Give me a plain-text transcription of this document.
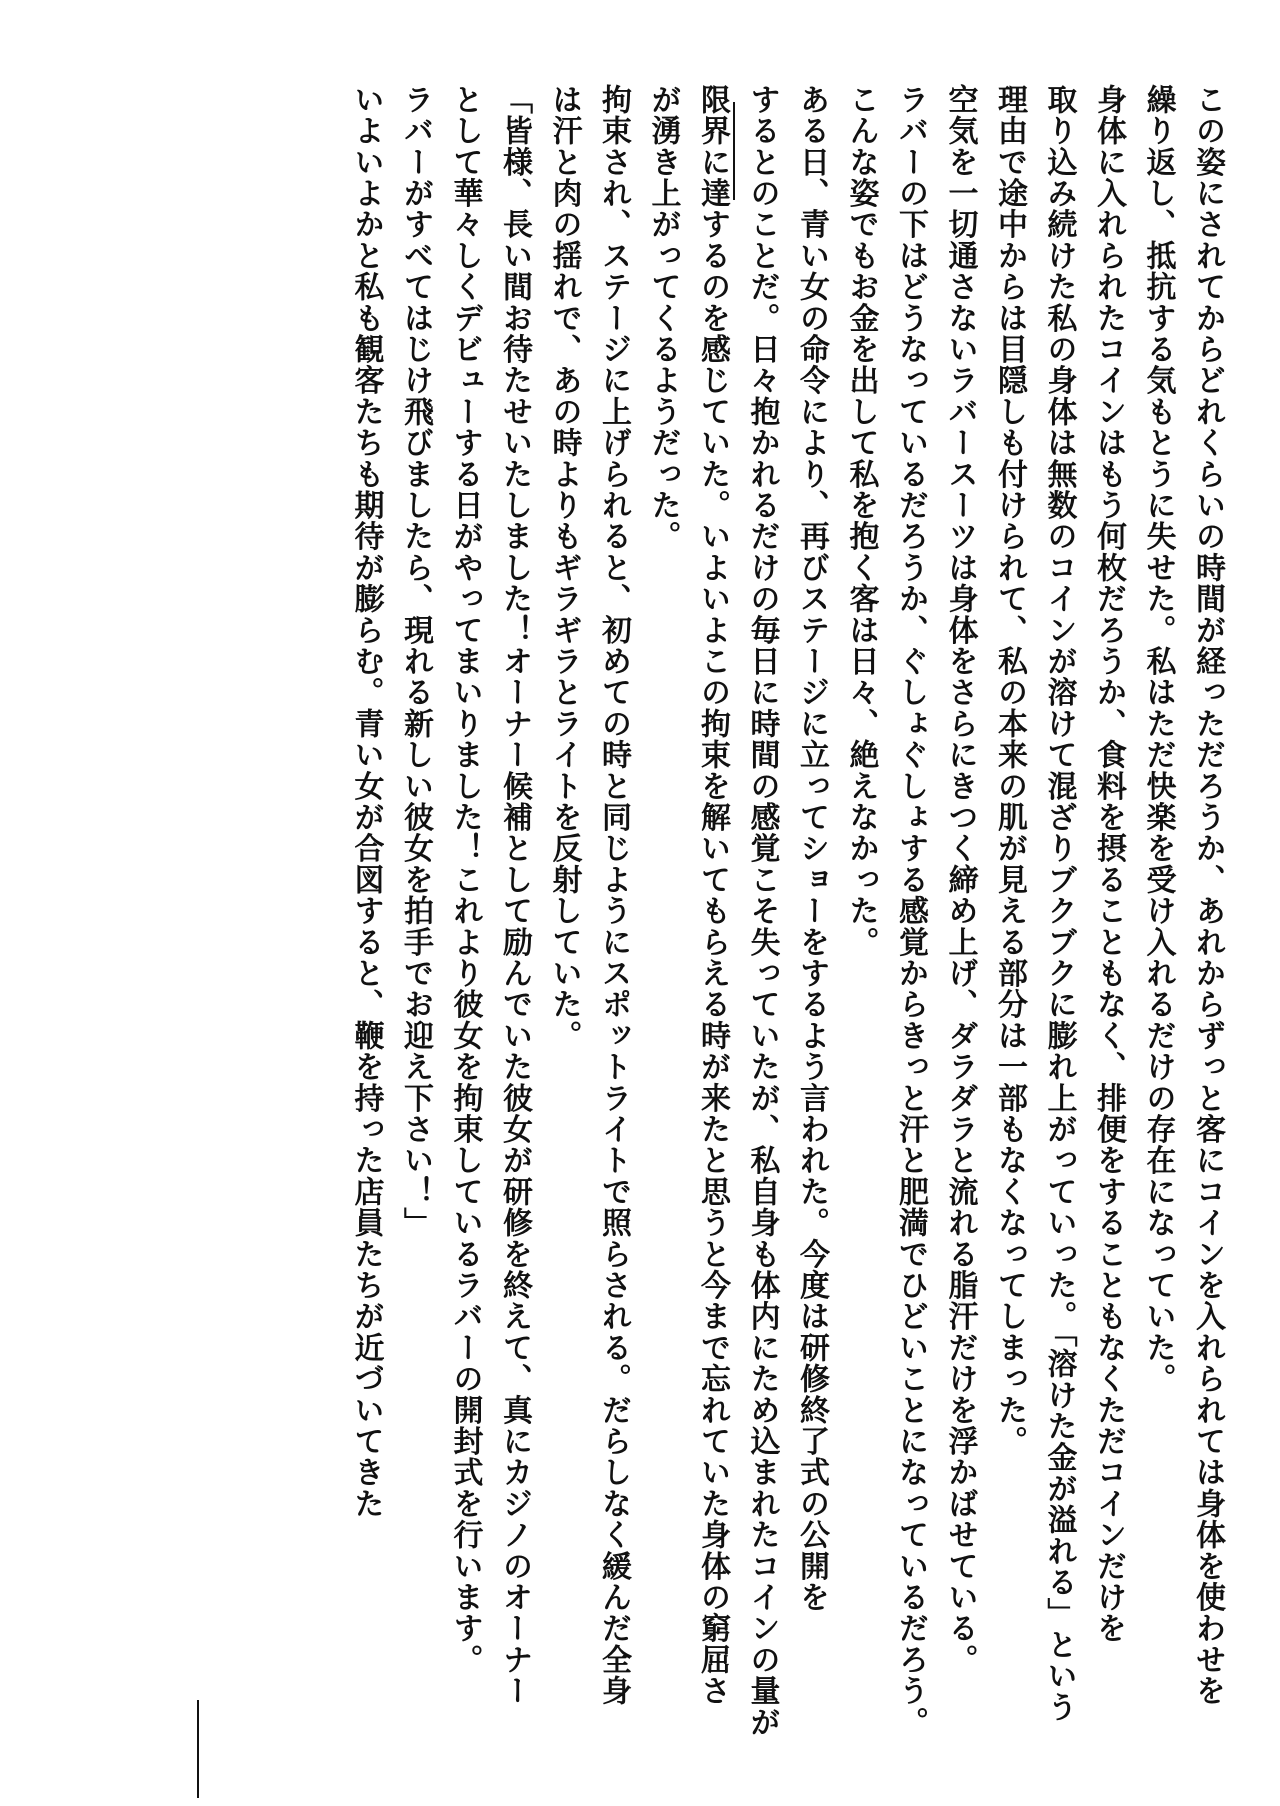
この姿にされてからどれくらいの時間が経っただろうか、あれからずっと客にコインを入れられては身体を使わせを
繰り返し、抵抗する気もとうに失せた。私はただ快楽を受け入れるだけの存在になっていた。
身体に入れられたコインはもう何枚だろうか、食料を摂ることもなく、排便をすることもなくただコインだけを
取り込み続けた私の身体は無数のコインが溶けて混ざりブクブクに膨れ上がっていった。「溶けた金が溢れる」という
理由で途中からは目隠しも付けられて、私の本来の肌が見える部分は一部もなくなってしまった。
空気を一切通さないラバースーツは身体をさらにきつく締め上げ、ダラダラと流れる脂汗だけを浮かばせている。
ラバーの下はどうなっているだろうか、ぐしょぐしょする感覚からきっと汗と肥満でひどいことになっているだろう。
こんな姿でもお金を出して私を抱く客は日々、絶えなかった。
ある日、青い女の命令により、再びステージに立ってショーをするよう言われた。今度は研修終了式の公開を
するとのことだ。日々抱かれるだけの毎日に時間の感覚こそ失っていたが、私自身も体内にため込まれたコインの量が
限界に達するのを感じていた。いよいよこの拘束を解いてもらえる時が来たと思うと今まで忘れていた身体の窮屈さ
が湧き上がってくるようだった。
拘束され、ステージに上げられると、初めての時と同じようにスポットライトで照らされる。だらしなく緩んだ全身
は汗と肉の揺れで、あの時よりもギラギラとライトを反射していた。
「皆様、長い間お待たせいたしました！オーナー候補として励んでいた彼女が研修を終えて、真にカジノのオーナー
として華々しくデビューする日がやってまいりました！これより彼女を拘束しているラバーの開封式を行います。
ラバーがすべてはじけ飛びましたら、現れる新しい彼女を拍手でお迎え下さい！」
いよいよかと私も観客たちも期待が膨らむ。青い女が合図すると、鞭を持った店員たちが近づいてきた
